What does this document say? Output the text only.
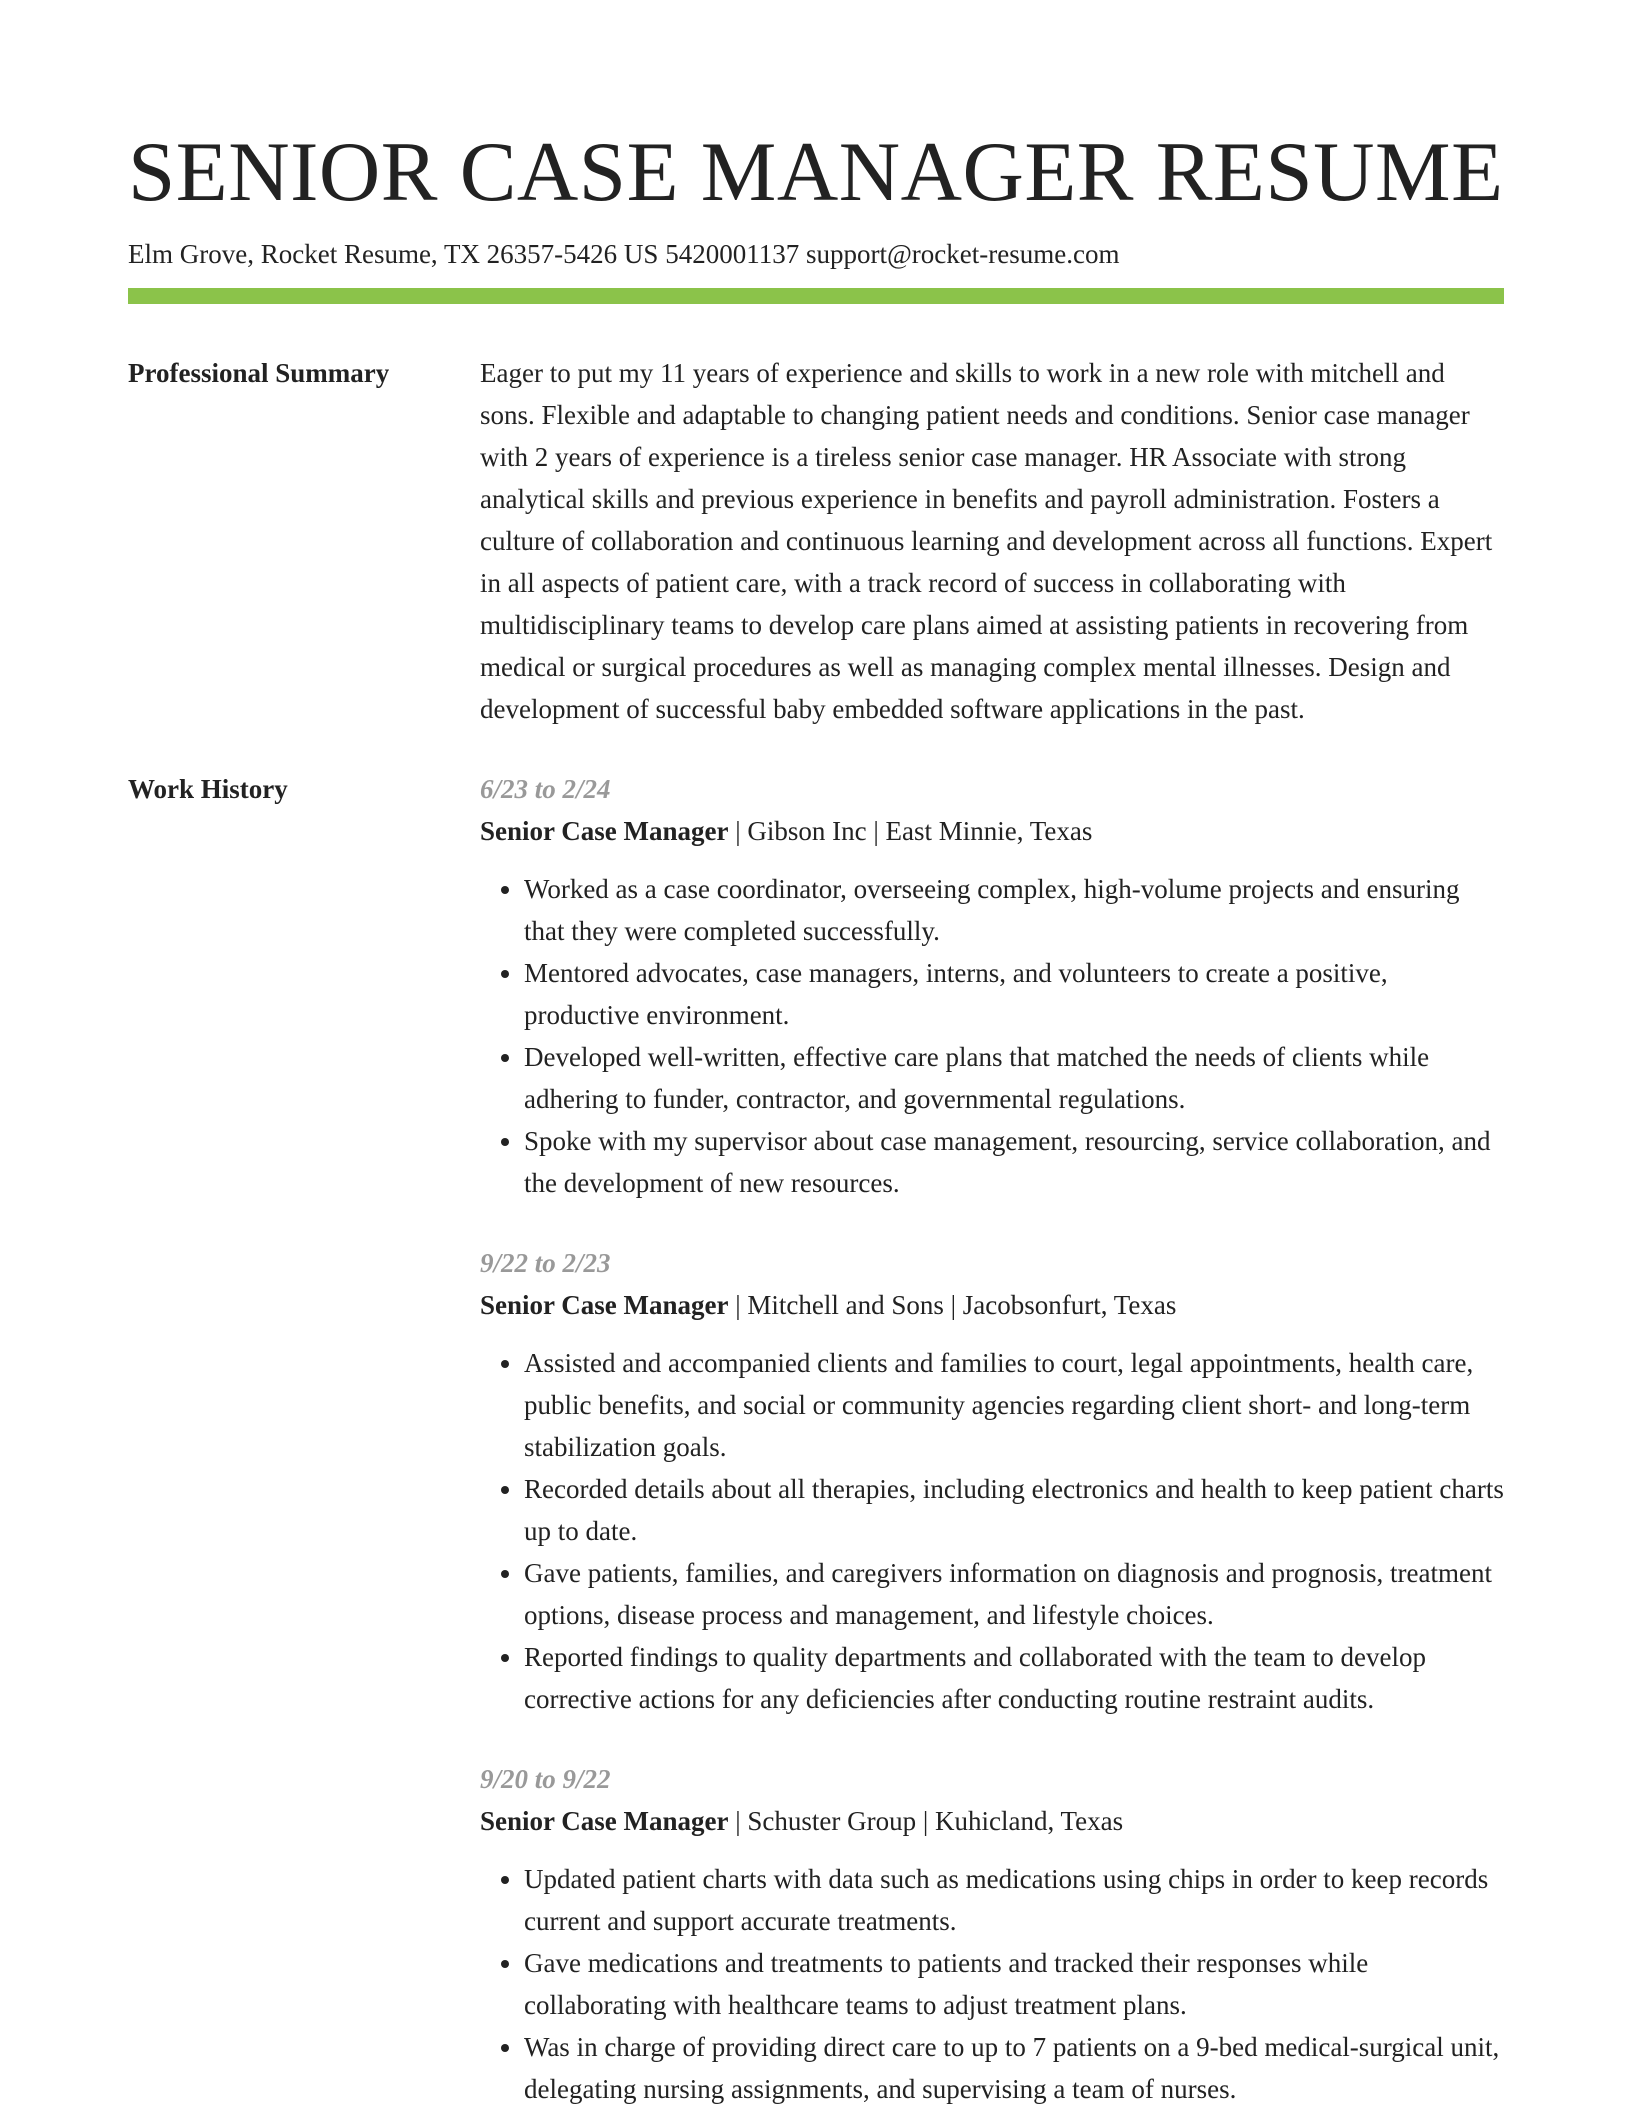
SENIOR CASE MANAGER RESUME
Elm Grove, Rocket Resume, TX 26357-5426 US 5420001137 support@rocket-resume.com
Professional Summary	Eager to put my 11 years of experience and skills to work in a new role with mitchell and sons. Flexible and adaptable to changing patient needs and conditions. Senior case manager with 2 years of experience is a tireless senior case manager. HR Associate with strong analytical skills and previous experience in benefits and payroll administration. Fosters a culture of collaboration and continuous learning and development across all functions. Expert in all aspects of patient care, with a track record of success in collaborating with multidisciplinary teams to develop care plans aimed at assisting patients in recovering from medical or surgical procedures as well as managing complex mental illnesses. Design and development of successful baby embedded software applications in the past.

Work History	6/23 to 2/24
Senior Case Manager | Gibson Inc | East Minnie, Texas
• Worked as a case coordinator, overseeing complex, high-volume projects and ensuring that they were completed successfully.
• Mentored advocates, case managers, interns, and volunteers to create a positive, productive environment.
• Developed well-written, effective care plans that matched the needs of clients while adhering to funder, contractor, and governmental regulations.
• Spoke with my supervisor about case management, resourcing, service collaboration, and the development of new resources.
9/22 to 2/23
Senior Case Manager | Mitchell and Sons | Jacobsonfurt, Texas
• Assisted and accompanied clients and families to court, legal appointments, health care, public benefits, and social or community agencies regarding client short- and long-term stabilization goals.
• Recorded details about all therapies, including electronics and health to keep patient charts up to date.
• Gave patients, families, and caregivers information on diagnosis and prognosis, treatment options, disease process and management, and lifestyle choices.
• Reported findings to quality departments and collaborated with the team to develop corrective actions for any deficiencies after conducting routine restraint audits.
9/20 to 9/22
Senior Case Manager | Schuster Group | Kuhicland, Texas
• Updated patient charts with data such as medications using chips in order to keep records current and support accurate treatments.
• Gave medications and treatments to patients and tracked their responses while collaborating with healthcare teams to adjust treatment plans.
• Was in charge of providing direct care to up to 7 patients on a 9-bed medical-surgical unit, delegating nursing assignments, and supervising a team of nurses.
